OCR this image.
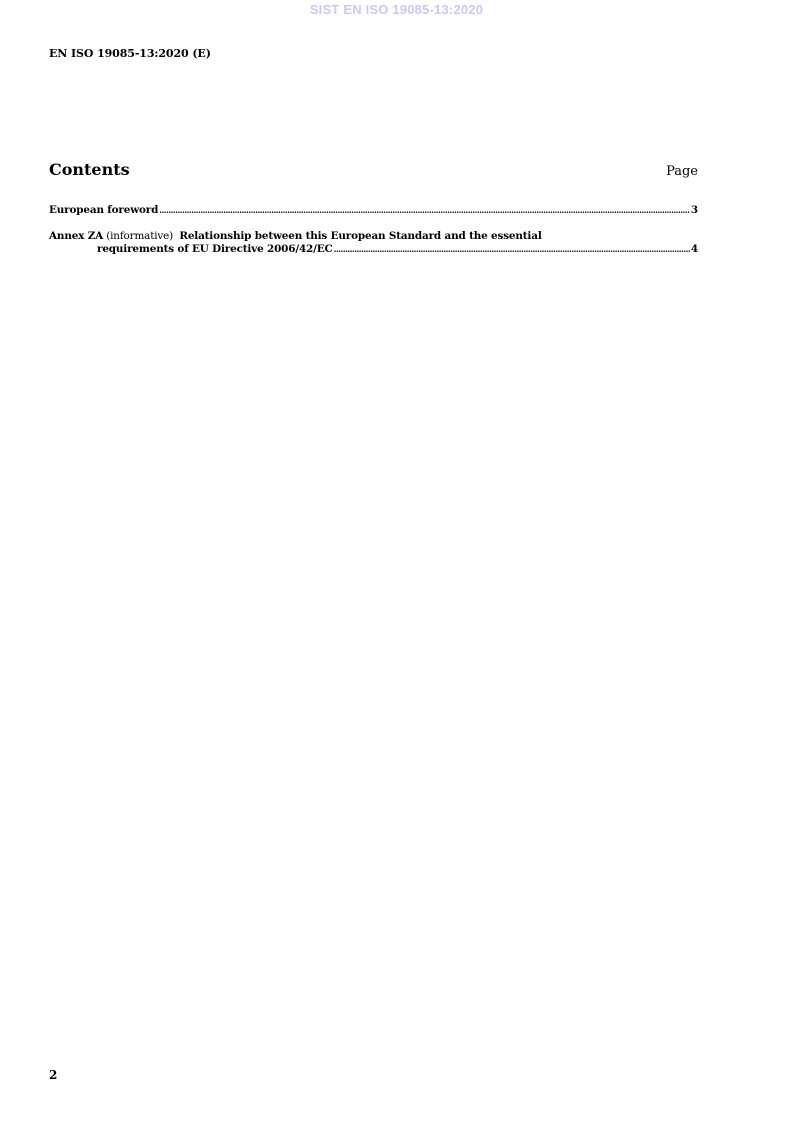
SIST EN ISO 19085-13:2020
EN ISO 19085-13:2020 (E)
Contents	Page
European foreword .....	3
Annex ZA
(informative)
Relationship between this European Standard and the essential
requirements of EU Directive 2006/42/EC .....	4
2
